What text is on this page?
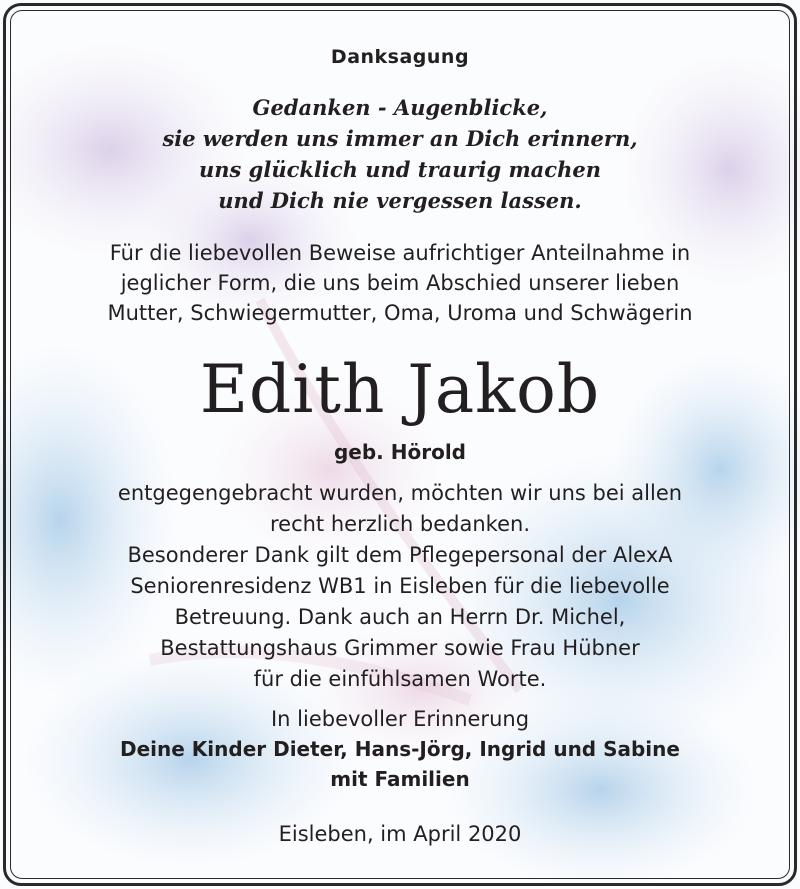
Danksagung
Gedanken - Augenblicke,
sie werden uns immer an Dich erinnern,
uns glücklich und traurig machen
und Dich nie vergessen lassen.
Für die liebevollen Beweise aufrichtiger Anteilnahme in
jeglicher Form, die uns beim Abschied unserer lieben
Mutter, Schwiegermutter, Oma, Uroma und Schwägerin
Edith Jakob
geb. Hörold
entgegengebracht wurden, möchten wir uns bei allen
recht herzlich bedanken.
Besonderer Dank gilt dem Pflegepersonal der AlexA
Seniorenresidenz WB1 in Eisleben für die liebevolle
Betreuung. Dank auch an Herrn Dr. Michel,
Bestattungshaus Grimmer sowie Frau Hübner
für die einfühlsamen Worte.
In liebevoller Erinnerung
Deine Kinder Dieter, Hans-Jörg, Ingrid und Sabine
mit Familien
Eisleben, im April 2020
